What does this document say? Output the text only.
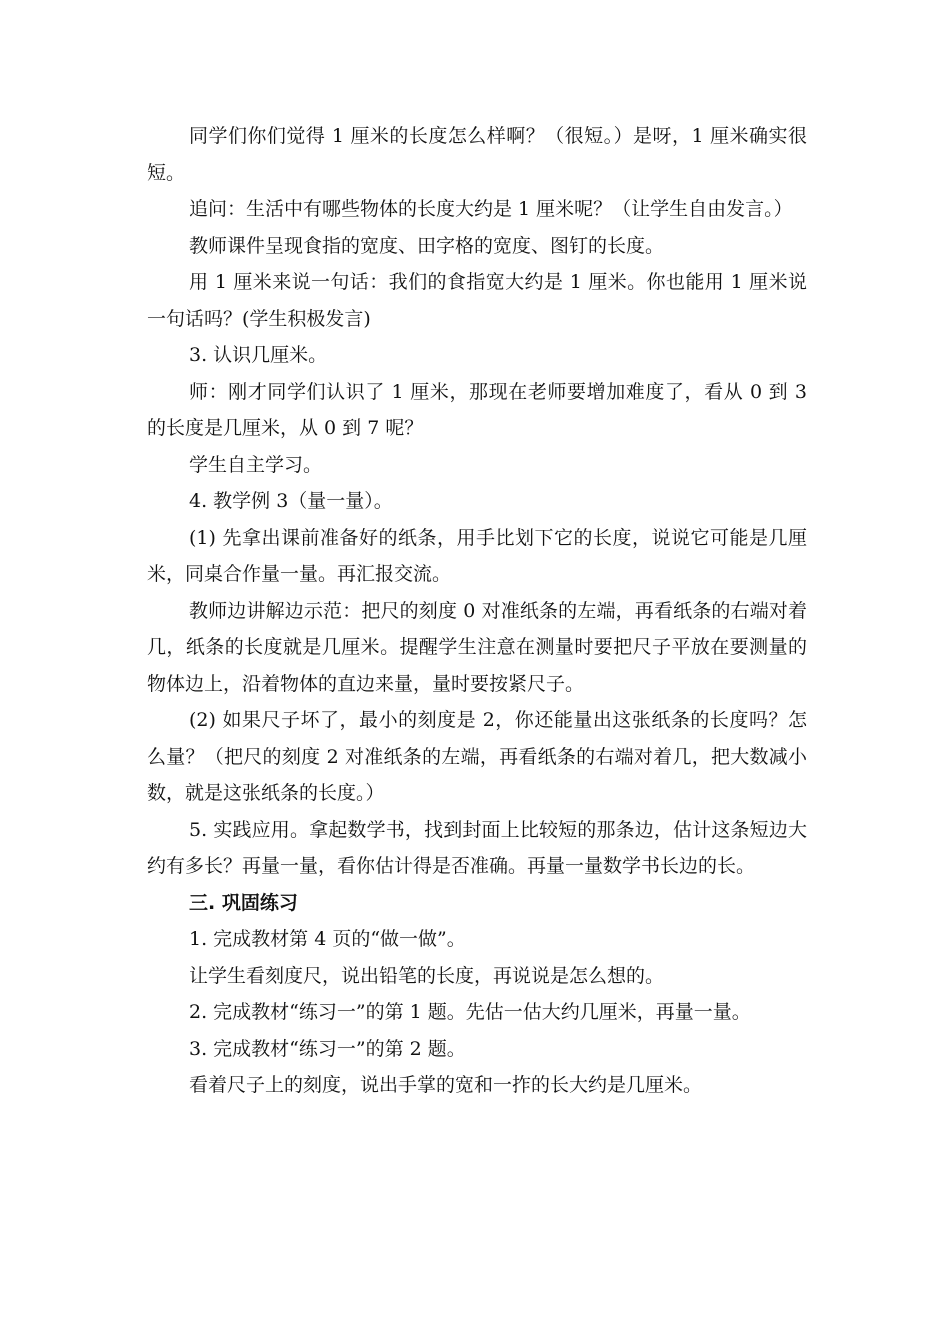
同学们你们觉得 1 厘米的长度怎么样啊？（很短。）是呀，1 厘米确实很短。

追问：生活中有哪些物体的长度大约是 1 厘米呢？（让学生自由发言。）

教师课件呈现食指的宽度、田字格的宽度、图钉的长度。

用 1 厘米来说一句话：我们的食指宽大约是 1 厘米。你也能用 1 厘米说一句话吗？(学生积极发言)

3. 认识几厘米。

师：刚才同学们认识了 1 厘米，那现在老师要增加难度了，看从 0 到 3 的长度是几厘米，从 0 到 7 呢？

学生自主学习。

4. 教学例 3（量一量）。

(1) 先拿出课前准备好的纸条，用手比划下它的长度，说说它可能是几厘米，同桌合作量一量。再汇报交流。

教师边讲解边示范：把尺的刻度 0 对准纸条的左端，再看纸条的右端对着几，纸条的长度就是几厘米。提醒学生注意在测量时要把尺子平放在要测量的物体边上，沿着物体的直边来量，量时要按紧尺子。

(2) 如果尺子坏了，最小的刻度是 2，你还能量出这张纸条的长度吗？怎么量？（把尺的刻度 2 对准纸条的左端，再看纸条的右端对着几，把大数减小数，就是这张纸条的长度。）

5. 实践应用。拿起数学书，找到封面上比较短的那条边，估计这条短边大约有多长？再量一量，看你估计得是否准确。再量一量数学书长边的长。

三. 巩固练习

1. 完成教材第 4 页的“做一做”。

让学生看刻度尺，说出铅笔的长度，再说说是怎么想的。

2. 完成教材“练习一”的第 1 题。先估一估大约几厘米，再量一量。

3. 完成教材“练习一”的第 2 题。

看着尺子上的刻度，说出手掌的宽和一拃的长大约是几厘米。
